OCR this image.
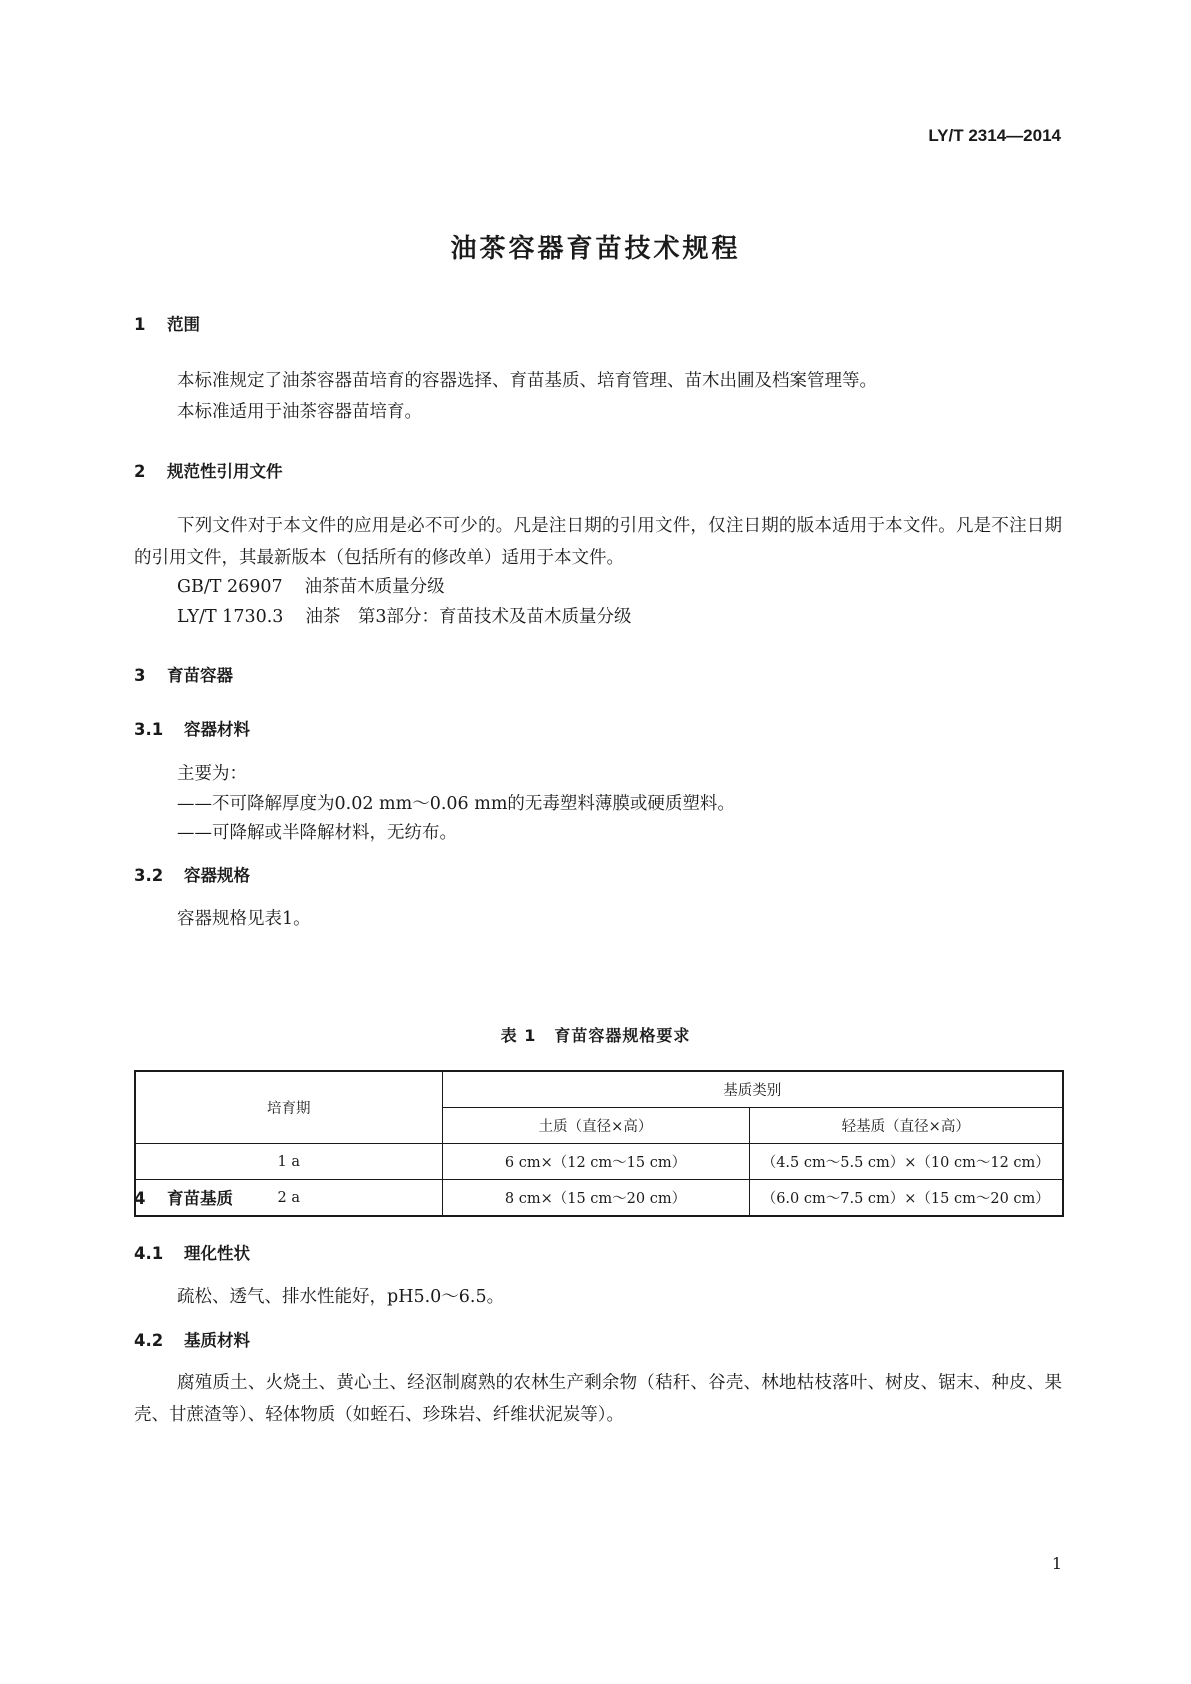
LY/T 2314—2014
油茶容器育苗技术规程
1 范围
本标准规定了油茶容器苗培育的容器选择、育苗基质、培育管理、苗木出圃及档案管理等。
本标准适用于油茶容器苗培育。
2 规范性引用文件
下列文件对于本文件的应用是必不可少的。凡是注日期的引用文件，仅注日期的版本适用于本文件。凡是不注日期的引用文件，其最新版本（包括所有的修改单）适用于本文件。
GB/T 26907 油茶苗木质量分级
LY/T 1730.3 油茶　第3部分：育苗技术及苗木质量分级
3 育苗容器
3.1 容器材料
主要为：
——不可降解厚度为0.02 mm～0.06 mm的无毒塑料薄膜或硬质塑料。
——可降解或半降解材料，无纺布。
3.2 容器规格
容器规格见表1。
表 1 育苗容器规格要求
培育期	基质类别	
	土质（直径×高）	轻基质（直径×高）
1 a	6 cm×（12 cm～15 cm）	（4.5 cm～5.5 cm）×（10 cm～12 cm）
2 a	8 cm×（15 cm～20 cm）	（6.0 cm～7.5 cm）×（15 cm～20 cm）
4 育苗基质
4.1 理化性状
疏松、透气、排水性能好，pH5.0～6.5。
4.2 基质材料
腐殖质土、火烧土、黄心土、经沤制腐熟的农林生产剩余物（秸秆、谷壳、林地枯枝落叶、树皮、锯末、种皮、果壳、甘蔗渣等）、轻体物质（如蛭石、珍珠岩、纤维状泥炭等）。
1
